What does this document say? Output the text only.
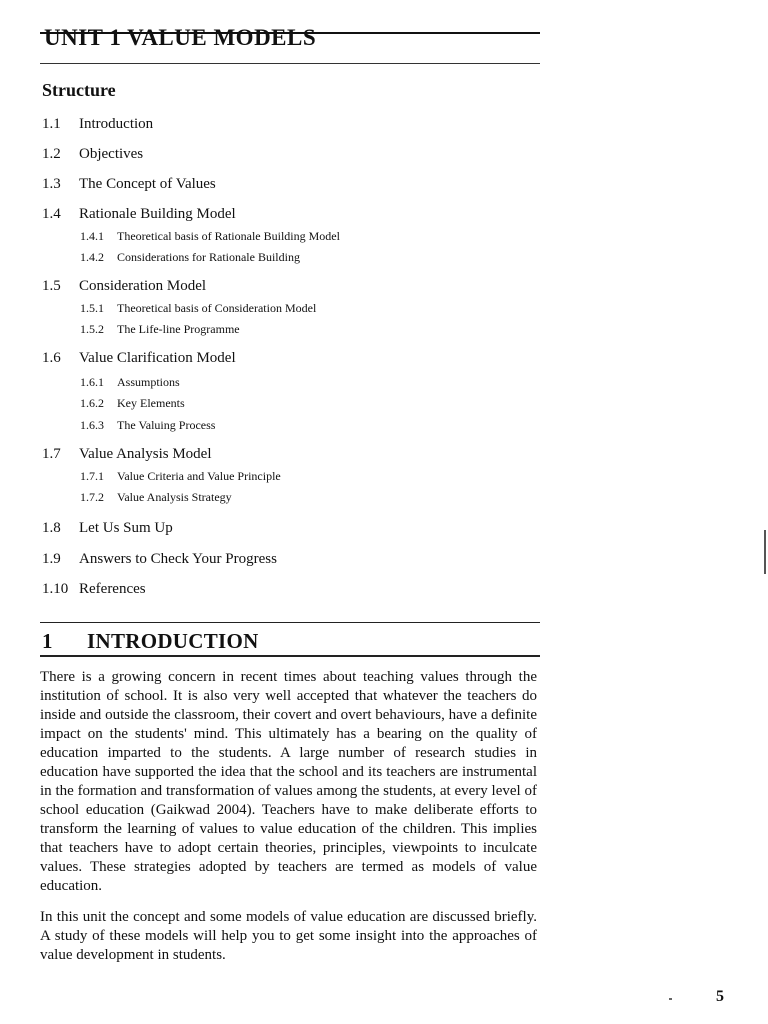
UNIT 1 VALUE MODELS
Structure
1.1 Introduction
1.2 Objectives
1.3 The Concept of Values
1.4 Rationale Building Model
1.4.1 Theoretical basis of Rationale Building Model
1.4.2 Considerations for Rationale Building
1.5 Consideration Model
1.5.1 Theoretical basis of Consideration Model
1.5.2 The Life-line Programme
1.6 Value Clarification Model
1.6.1 Assumptions
1.6.2 Key Elements
1.6.3 The Valuing Process
1.7 Value Analysis Model
1.7.1 Value Criteria and Value Principle
1.7.2 Value Analysis Strategy
1.8 Let Us Sum Up
1.9 Answers to Check Your Progress
1.10 References
1 INTRODUCTION

There is a growing concern in recent times about teaching values through the institution of school. It is also very well accepted that whatever the teachers do inside and outside the classroom, their covert and overt behaviours, have a definite impact on the students' mind. This ultimately has a bearing on the quality of education imparted to the students. A large number of research studies in education have supported the idea that the school and its teachers are instrumental in the formation and transformation of values among the students, at every level of school education (Gaikwad 2004). Teachers have to make deliberate efforts to transform the learning of values to value education of the children. This implies that teachers have to adopt certain theories, principles, viewpoints to inculcate values. These strategies adopted by teachers are termed as models of value education.

In this unit the concept and some models of value education are discussed briefly. A study of these models will help you to get some insight into the approaches of value development in students.

5
